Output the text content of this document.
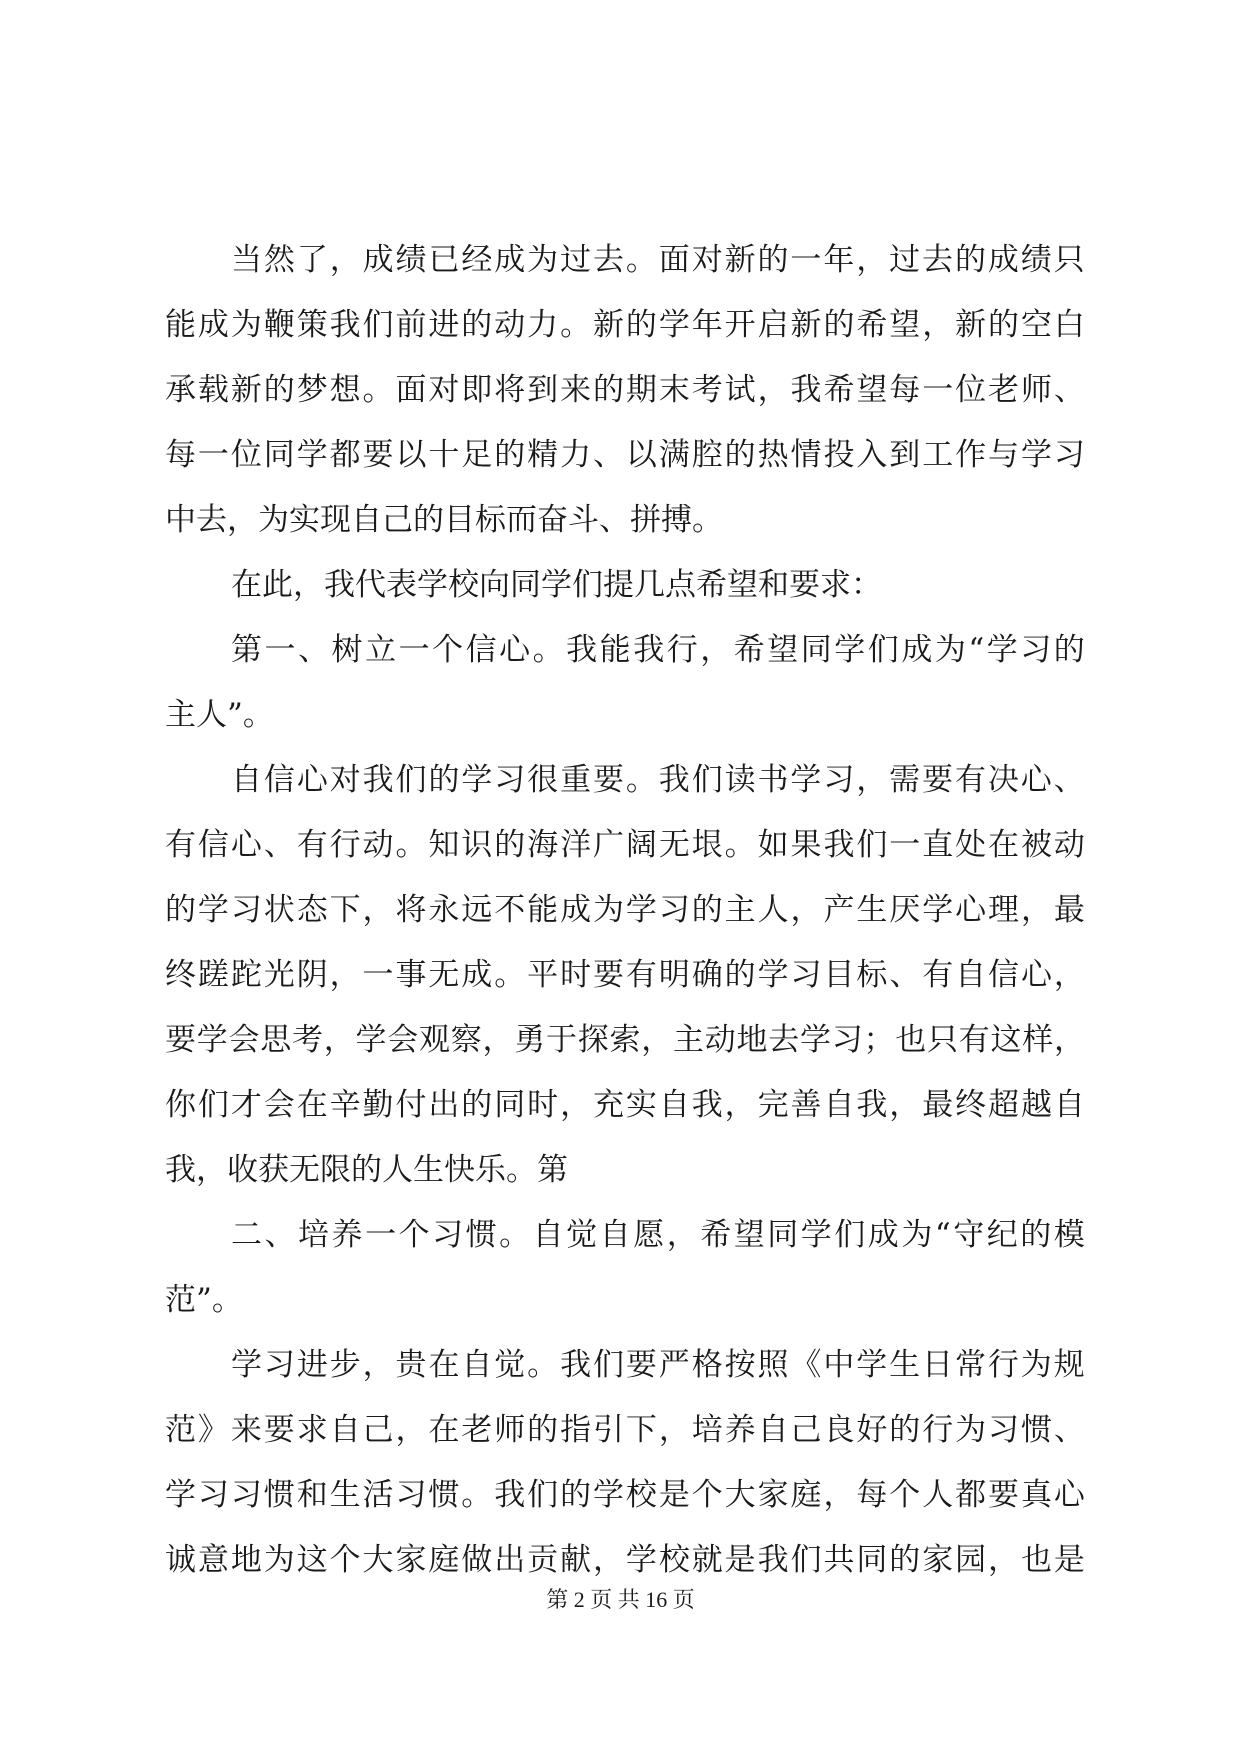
当 然 了 ， 成 绩 已 经 成 为 过 去 。 面 对 新 的 一 年 ， 过 去 的 成 绩 只
能 成 为 鞭 策 我 们 前 进 的 动 力 。 新 的 学 年 开 启 新 的 希 望 ， 新 的 空 白
承 载 新 的 梦 想 。 面 对 即 将 到 来 的 期 末 考 试 ， 我 希 望 每 一 位 老 师 、
每 一 位 同 学 都 要 以 十 足 的 精 力 、 以 满 腔 的 热 情 投 入 到 工 作 与 学 习
中去，为实现自己的目标而奋斗、拼搏。
在此，我代表学校向同学们提几点希望和要求：
第 一 、 树 立 一 个 信 心 。 我 能 我 行 ， 希 望 同 学 们 成 为 “ 学 习 的
主人”。
自 信 心 对 我 们 的 学 习 很 重 要 。 我 们 读 书 学 习 ， 需 要 有 决 心 、
有 信 心 、 有 行 动 。 知 识 的 海 洋 广 阔 无 垠 。 如 果 我 们 一 直 处 在 被 动
的 学 习 状 态 下 ， 将 永 远 不 能 成 为 学 习 的 主 人 ， 产 生 厌 学 心 理 ， 最
终 蹉 跎 光 阴 ， 一 事 无 成 。 平 时 要 有 明 确 的 学 习 目 标 、 有 自 信 心 ，
要 学 会 思 考 ， 学 会 观 察 ， 勇 于 探 索 ， 主 动 地 去 学 习 ； 也 只 有 这 样 ，
你 们 才 会 在 辛 勤 付 出 的 同 时 ， 充 实 自 我 ， 完 善 自 我 ， 最 终 超 越 自
我，收获无限的人生快乐。第
二 、 培 养 一 个 习 惯 。 自 觉 自 愿 ， 希 望 同 学 们 成 为 “ 守 纪 的 模
范”。
学 习 进 步 ， 贵 在 自 觉 。 我 们 要 严 格 按 照 《 中 学 生 日 常 行 为 规
范 》 来 要 求 自 己 ， 在 老 师 的 指 引 下 ， 培 养 自 己 良 好 的 行 为 习 惯 、
学 习 习 惯 和 生 活 习 惯 。 我 们 的 学 校 是 个 大 家 庭 ， 每 个 人 都 要 真 心
诚 意 地 为 这 个 大 家 庭 做 出 贡 献 ， 学 校 就 是 我 们 共 同 的 家 园 ， 也 是
第 2 页 共 16 页
